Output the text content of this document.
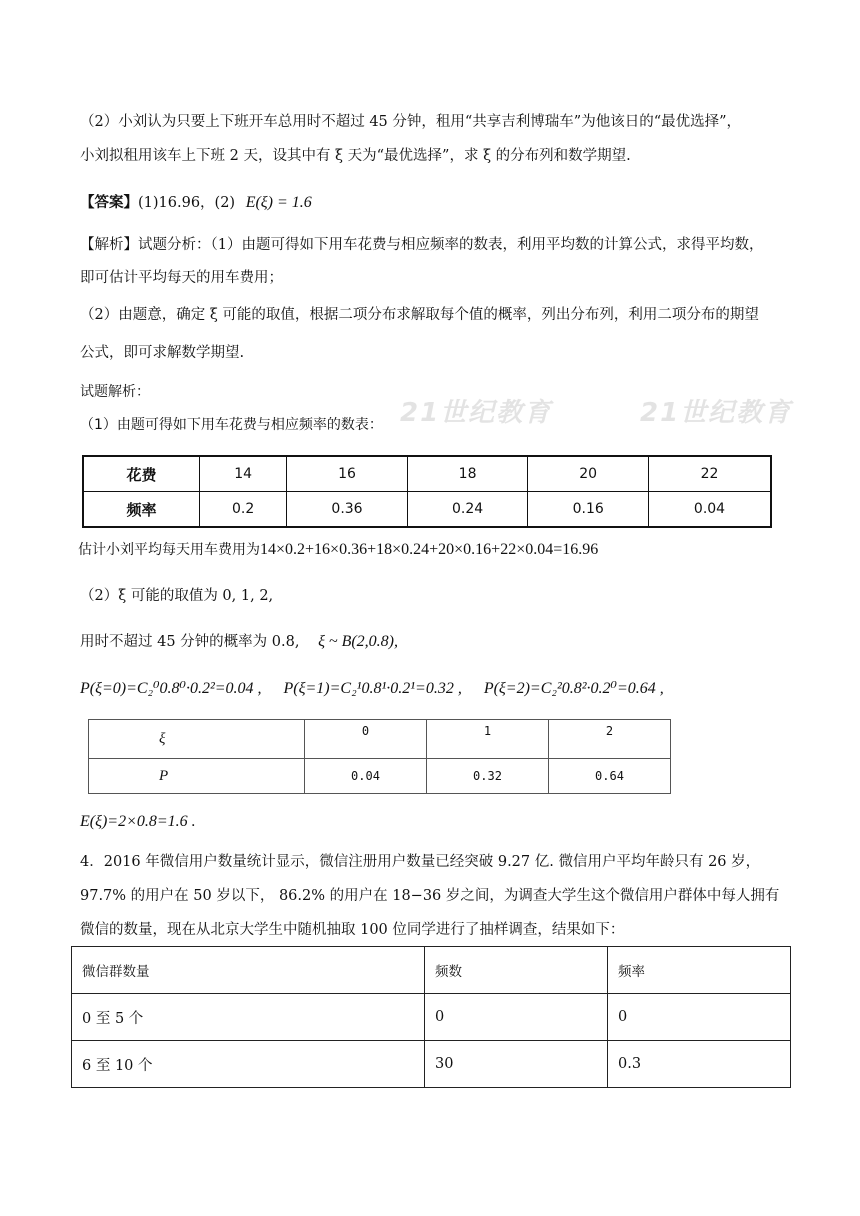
（2）小刘认为只要上下班开车总用时不超过 45 分钟，租用“共享吉利博瑞车”为他该日的“最优选择”，
小刘拟租用该车上下班 2 天，设其中有 ξ 天为“最优选择”，求 ξ 的分布列和数学期望.
【答案】(1)16.96，(2) E(ξ) = 1.6
【解析】试题分析：（1）由题可得如下用车花费与相应频率的数表，利用平均数的计算公式，求得平均数，
即可估计平均每天的用车费用；
（2）由题意，确定 ξ 可能的取值，根据二项分布求解取每个值的概率，列出分布列，利用二项分布的期望
公式，即可求解数学期望.
试题解析：
（1）由题可得如下用车花费与相应频率的数表： 21世纪教育	21世纪教育
花费	14	16	18	20	22
频率	0.2	0.36	0.24	0.16	0.04
估计小刘平均每天用车费用为14×0.2+16×0.36+18×0.24+20×0.16+22×0.04=16.96
（2）ξ 可能的取值为 0, 1, 2,
用时不超过 45 分钟的概率为 0.8, ξ ~ B(2,0.8),
P(ξ=0)=C₂⁰0.8⁰·0.2²=0.04 , P(ξ=1)=C₂¹0.8¹·0.2¹=0.32 , P(ξ=2)=C₂²0.8²·0.2⁰=0.64 ,
ξ	0	1	2
P	0.04	0.32	0.64
E(ξ)=2×0.8=1.6 .
4．2016 年微信用户数量统计显示，微信注册用户数量已经突破 9.27 亿. 微信用户平均年龄只有 26 岁，
97.7% 的用户在 50 岁以下， 86.2% 的用户在 18−36 岁之间，为调查大学生这个微信用户群体中每人拥有
微信的数量，现在从北京大学生中随机抽取 100 位同学进行了抽样调查，结果如下：
微信群数量	频数	频率
0 至 5 个	0	0
6 至 10 个	30	0.3
